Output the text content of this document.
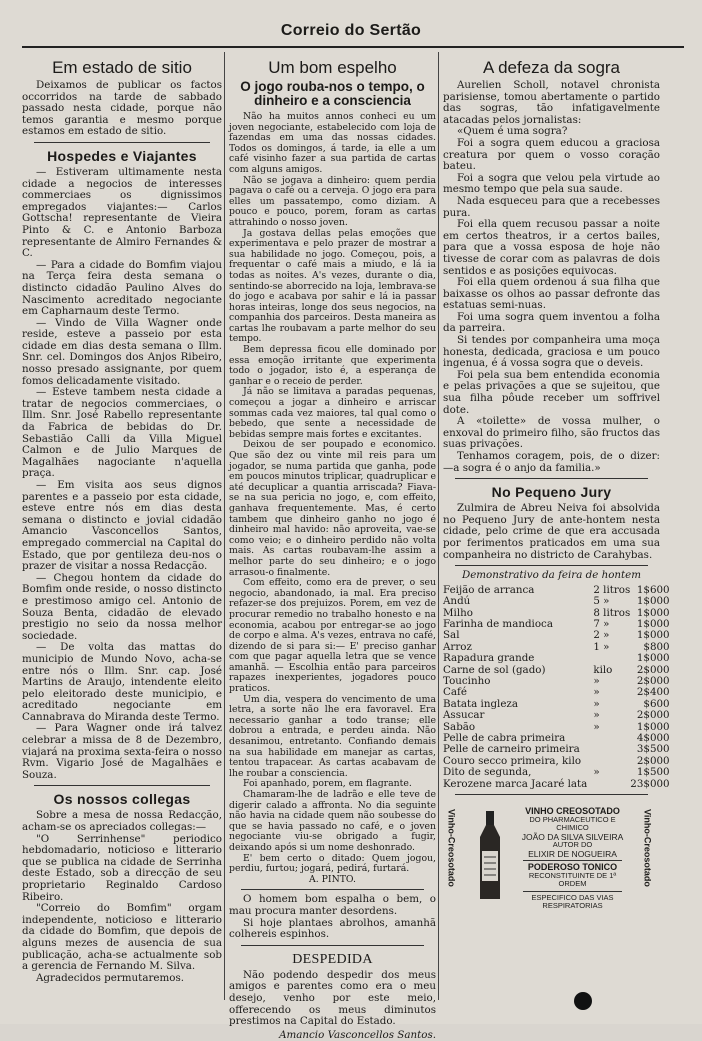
Correio do Sertão
Em estado de sitio

Deixamos de publicar os factos occorridos na tarde de sabbado passado nesta cidade, porque não temos garantia e mesmo porque estamos em estado de sitio.

Hospedes e Viajantes

— Estiveram ultimamente nesta cidade a negocios de interesses commerciaes os dignissimos empregados viajantes:— Carlos Gottscha! representante de Vieira Pinto & C. e Antonio Barboza representante de Almiro Fernandes & C.

— Para a cidade do Bomfim viajou na Terça feira desta semana o distincto cidadão Paulino Alves do Nascimento acreditado negociante em Capharnaum deste Termo.

— Vindo de Villa Wagner onde reside, esteve a passeio por esta cidade em dias desta semana o Illm. Snr. cel. Domingos dos Anjos Ribeiro, nosso presado assignante, por quem fomos delicadamente visitado.

— Esteve tambem nesta cidade a tratar de negocios commerciaes, o Illm. Snr. José Rabello representante da Fabrica de bebidas do Dr. Sebastião Calli da Villa Miguel Calmon e de Julio Marques de Magalhães nagociante n'aquella praça.

— Em visita aos seus dignos parentes e a passeio por esta cidade, esteve entre nós em dias desta semana o distincto e jovial cidadão Amancio Vasconcellos Santos, empregado commercial na Capital do Estado, que por gentileza deu-nos o prazer de visitar a nossa Redacção.

— Chegou hontem da cidade do Bomfim onde reside, o nosso distincto e prestimoso amigo cel. Antonio de Souza Benta, cidadão de elevado prestigio no seio da nossa melhor sociedade.

— De volta das mattas do municipio de Mundo Novo, acha-se entre nós o Illm. Snr. cap. José Martins de Araujo, intendente eleito pelo eleitorado deste municipio, e acreditado negociante em Cannabrava do Miranda deste Termo.

— Para Wagner onde irá talvez celebrar a missa de 8 de Dezembro, viajará na proxima sexta-feira o nosso Rvm. Vigario José de Magalhães e Souza.

Os nossos collegas

Sobre a mesa de nossa Redacção, acham-se os apreciados collegas:—

"O Serrinhense" periodico hebdomadario, noticioso e litterario que se publica na cidade de Serrinha deste Estado, sob a direcção de seu proprietario Reginaldo Cardoso Ribeiro.

"Correio do Bomfim" orgam independente, noticioso e litterario da cidade do Bomfim, que depois de alguns mezes de ausencia de sua publicação, acha-se actualmente sob a gerencia de Fernando M. Silva.

Agradecidos permutaremos.

Um bom espelho
O jogo rouba-nos o tempo, o dinheiro e a consciencia

Não ha muitos annos conheci eu um joven negociante, estabelecido com loja de fazendas em uma das nossas cidades. Todos os domingos, á tarde, ia elle a um café visinho fazer a sua partida de cartas com alguns amigos.

Não se jogava a dinheiro: quem perdia pagava o café ou a cerveja. O jogo era para elles um passatempo, como diziam. A pouco e pouco, porem, foram as cartas attrahindo o nosso joven.

Ja gostava dellas pelas emoções que experimentava e pelo prazer de mostrar a sua habilidade no jogo. Começou, pois, a frequentar o café mais a miudo, e lá ia todas as noites. A's vezes, durante o dia, sentindo-se aborrecido na loja, lembrava-se do jogo e acabava por sahir e lá ia passar horas inteiras, longe dos seus negocios, na companhia dos parceiros. Desta maneira as cartas lhe roubavam a parte melhor do seu tempo.

Bem depressa ficou elle dominado por essa emoção irritante que experimenta todo o jogador, isto é, a esperança de ganhar e o receio de perder.

Já não se limitava a paradas pequenas, começou a jogar a dinheiro e arriscar sommas cada vez maiores, tal qual como o bebedo, que sente a necessidade de bebidas sempre mais fortes e excitantes.

Deixou de ser poupado e economico. Que são dez ou vinte mil reis para um jogador, se numa partida que ganha, pode em poucos minutos triplicar, quadruplicar e até decuplicar a quantia arriscada? Fiava-se na sua pericia no jogo, e, com effeito, ganhava frequentemente. Mas, é certo tambem que dinheiro ganho no jogo é dinheiro mal havido: não aproveita, vae-se como veio; e o dinheiro perdido não volta mais. As cartas roubavam-lhe assim a melhor parte do seu dinheiro; e o jogo arrasou-o finalmente.

Com effeito, como era de prever, o seu negocio, abandonado, ia mal. Era preciso refazer-se dos prejuizos. Porem, em vez de procurar remedio no trabalho honesto e na economia, acabou por entregar-se ao jogo de corpo e alma. A's vezes, entrava no café, dizendo de si para si:— E' preciso ganhar com que pagar aquella letra que se vence amanhã. — Escolhia então para parceiros rapazes inexperientes, jogadores pouco praticos.

Um dia, vespera do vencimento de uma letra, a sorte não lhe era favoravel. Era necessario ganhar a todo transe; elle dobrou a entrada, e perdeu ainda. Não desanimou, entretanto. Confiando demais na sua habilidade em manejar as cartas, tentou trapacear. As cartas acabavam de lhe roubar a consciencia.

Foi apanhado, porem, em flagrante.

Chamaram-lhe de ladrão e elle teve de digerir calado a affronta. No dia seguinte não havia na cidade quem não soubesse do que se havia passado no café, e o joven negociante viu-se obrigado a fugir, deixando após si um nome deshonrado.

E' bem certo o ditado: Quem jogou, perdiu, furtou; jogará, pedirá, furtará.

A. PINTO.

O homem bom espalha o bem, o mau procura manter desordens.

Si hoje plantaes abrolhos, amanhã colhereis espinhos.

DESPEDIDA

Não podendo despedir dos meus amigos e parentes como era o meu desejo, venho por este meio, offerecendo os meus diminutos prestimos na Capital do Estado.

Amancio Vasconcellos Santos.

A defeza da sogra

Aurelien Scholl, notavel chronista parisiense, tomou abertamente o partido das sogras, tão infatigavelmente atacadas pelos jornalistas:

«Quem é uma sogra?

Foi a sogra quem educou a graciosa creatura por quem o vosso coração bateu.

Foi a sogra que velou pela virtude ao mesmo tempo que pela sua saude.

Nada esqueceu para que a recebesses pura.

Foi ella quem recusou passar a noite em certos theatros, ir a certos bailes, para que a vossa esposa de hoje não tivesse de corar com as palavras de dois sentidos e as posições equivocas.

Foi ella quem ordenou á sua filha que baixasse os olhos ao passar defronte das estatuas semi-nuas.

Foi uma sogra quem inventou a folha da parreira.

Si tendes por companheira uma moça honesta, dedicada, graciosa e um pouco ingenua, é á vossa sogra que o deveis.

Foi pela sua bem entendida economia e pelas privações a que se sujeitou, que sua filha pôude receber um soffrivel dote.

A «toilette» de vossa mulher, o enxoval do primeiro filho, são fructos das suas privações.

Tenhamos coragem, pois, de o dizer: —a sogra é o anjo da familia.»

No Pequeno Jury

Zulmira de Abreu Neiva foi absolvida no Pequeno Jury de ante-hontem nesta cidade, pelo crime de que era accusada por ferimentos praticados em uma sua companheira no districto de Carahybas.

Demonstrativo da feira de hontem
Feijão de arranca	2 litros	1$600
Andú	5 »	1$000
Milho	8 litros	1$000
Farinha de mandioca	7 »	1$000
Sal	2 »	1$000
Arroz	1 »	$800
Rapadura grande		1$000
Carne de sol (gado)	kilo	2$000
Toucinho	»	2$000
Café	»	2$400
Batata ingleza	»	$600
Assucar	»	2$000
Sabão	»	1$000
Pelle de cabra primeira		4$000
Pelle de carneiro primeira		3$500
Couro secco primeira, kilo		2$000
Dito de segunda,	»	1$500
Kerozene marca Jacaré lata		23$000
Vinho-Creosotado	VINHO CREOSOTADO
DO PHARMACEUTICO E CHIMICO
JOÃO DA SILVA SILVEIRA
AUTOR DO
ELIXIR DE NOGUEIRA
PODEROSO TONICO
RECONSTITUINTE DE 1ª ORDEM
ESPECIFICO DAS VIAS RESPIRATORIAS
Vinho-Creosotado
